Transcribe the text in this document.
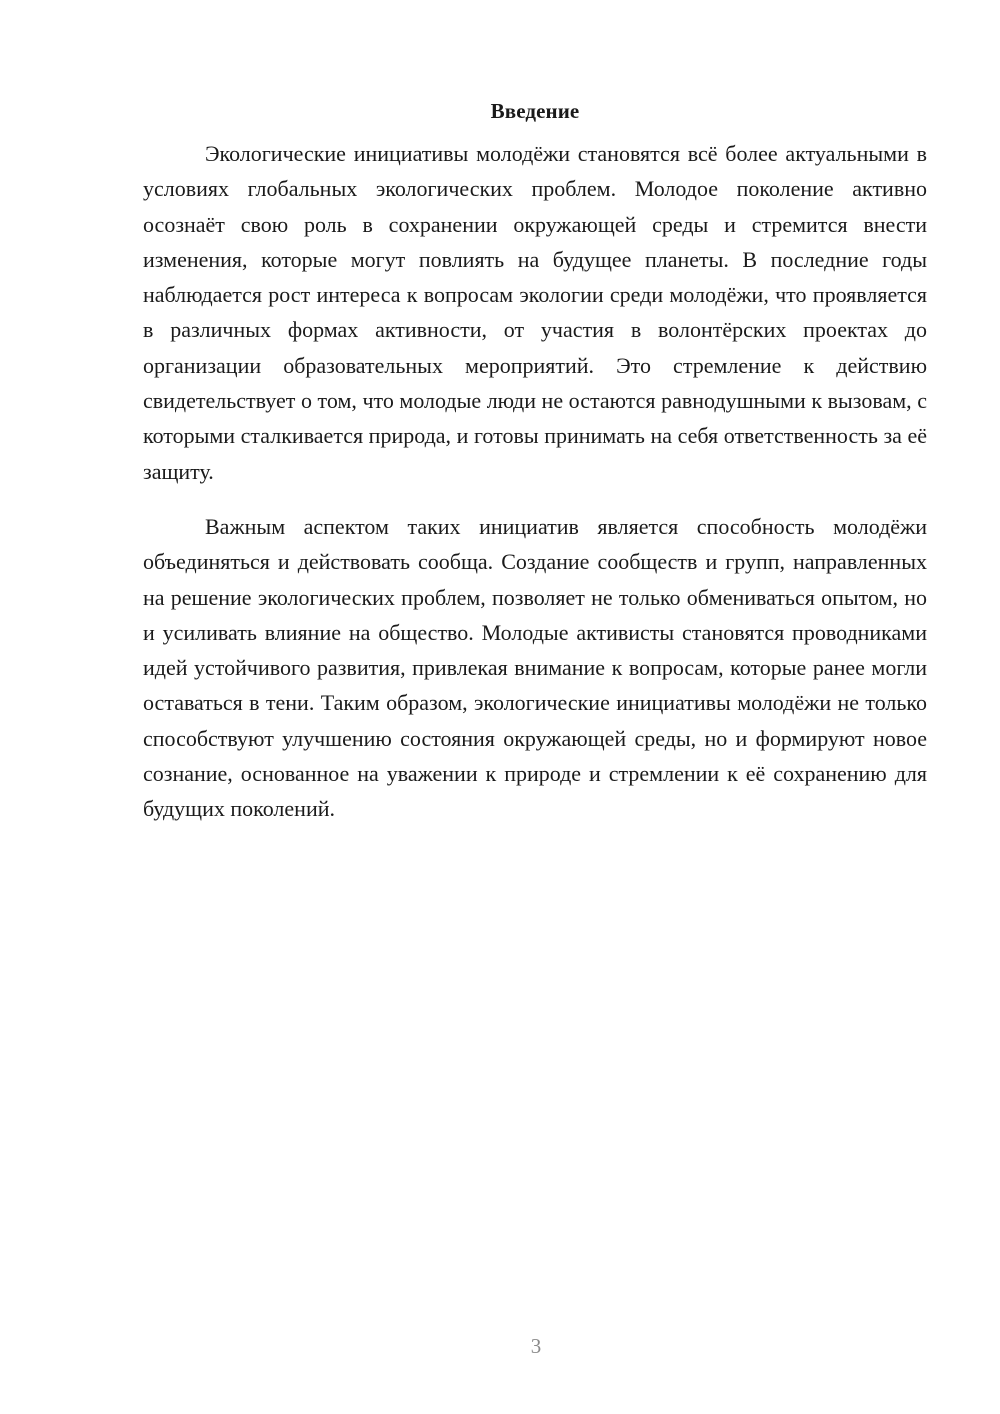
Введение

Экологические инициативы молодёжи становятся всё более актуальными в условиях глобальных экологических проблем. Молодое поколение активно осознаёт свою роль в сохранении окружающей среды и стремится внести изменения, которые могут повлиять на будущее планеты. В последние годы наблюдается рост интереса к вопросам экологии среди молодёжи, что проявляется в различных формах активности, от участия в волонтёрских проектах до организации образовательных мероприятий. Это стремление к действию свидетельствует о том, что молодые люди не остаются равнодушными к вызовам, с которыми сталкивается природа, и готовы принимать на себя ответственность за её защиту.

Важным аспектом таких инициатив является способность молодёжи объединяться и действовать сообща. Создание сообществ и групп, направленных на решение экологических проблем, позволяет не только обмениваться опытом, но и усиливать влияние на общество. Молодые активисты становятся проводниками идей устойчивого развития, привлекая внимание к вопросам, которые ранее могли оставаться в тени. Таким образом, экологические инициативы молодёжи не только способствуют улучшению состояния окружающей среды, но и формируют новое сознание, основанное на уважении к природе и стремлении к её сохранению для будущих поколений.

3
